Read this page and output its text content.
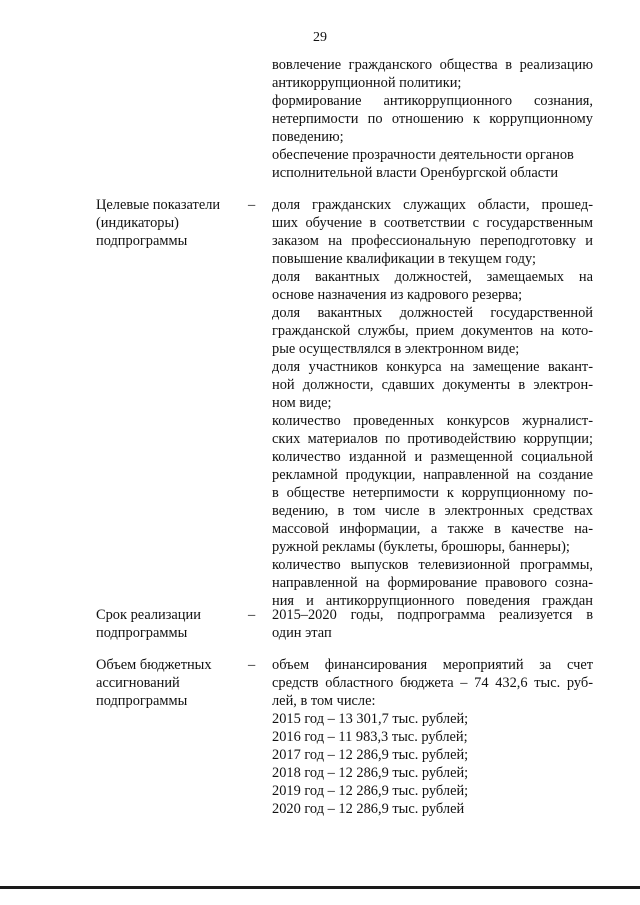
29
вовлечение гражданского общества в реализацию
антикоррупционной политики;
формирование антикоррупционного сознания,
нетерпимости по отношению к коррупционному
поведению;
обеспечение прозрачности деятельности органов
исполнительной власти Оренбургской области
Целевые показатели
(индикаторы)
подпрограммы
– доля гражданских служащих области, прошед-
ших обучение в соответствии с государственным
заказом на профессиональную переподготовку и
повышение квалификации в текущем году;
доля вакантных должностей, замещаемых на
основе назначения из кадрового резерва;
доля вакантных должностей государственной
гражданской службы, прием документов на кото-
рые осуществлялся в электронном виде;
доля участников конкурса на замещение вакант-
ной должности, сдавших документы в электрон-
ном виде;
количество проведенных конкурсов журналист-
ских материалов по противодействию коррупции;
количество изданной и размещенной социальной
рекламной продукции, направленной на создание
в обществе нетерпимости к коррупционному по-
ведению, в том числе в электронных средствах
массовой информации, а также в качестве на-
ружной рекламы (буклеты, брошюры, баннеры);
количество выпусков телевизионной программы,
направленной на формирование правового созна-
ния и антикоррупционного поведения граждан
Срок реализации
подпрограммы
– 2015–2020 годы, подпрограмма реализуется в
один этап
Объем бюджетных
ассигнований
подпрограммы
– объем финансирования мероприятий за счет
средств областного бюджета – 74 432,6 тыс. руб-
лей, в том числе:
2015 год – 13 301,7 тыс. рублей;
2016 год – 11 983,3 тыс. рублей;
2017 год – 12 286,9 тыс. рублей;
2018 год – 12 286,9 тыс. рублей;
2019 год – 12 286,9 тыс. рублей;
2020 год – 12 286,9 тыс. рублей
